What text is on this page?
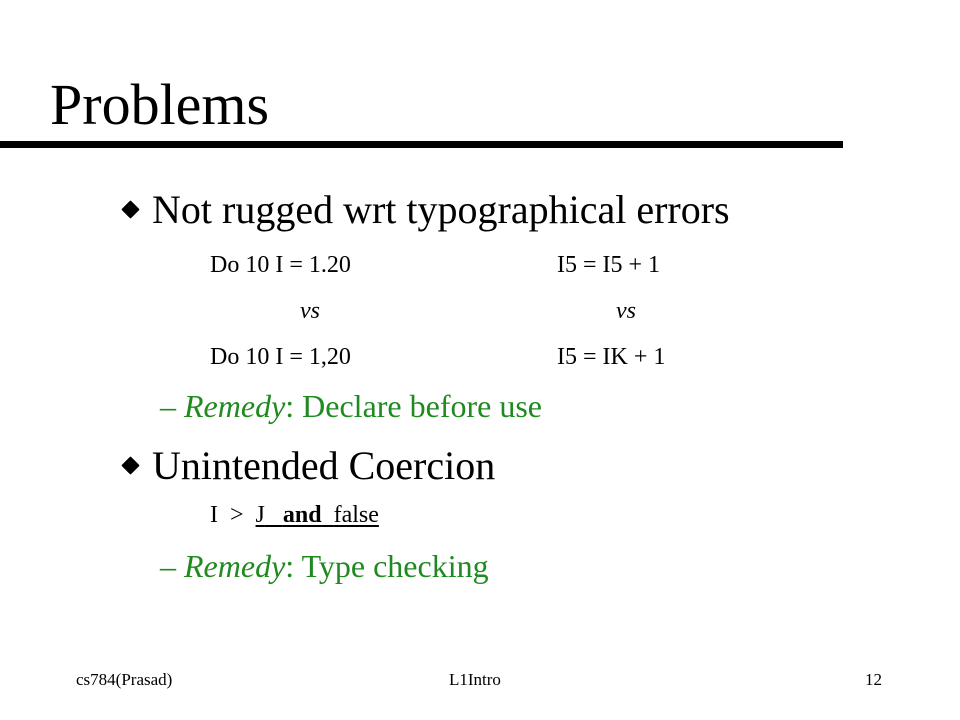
Problems
Not rugged wrt typographical errors
Do 10 I = 1.20	I5 = I5 + 1
vs	vs
Do 10 I = 1,20	I5 = IK + 1
– Remedy: Declare before use
Unintended Coercion
I > J and false
– Remedy: Type checking
cs784(Prasad)	L1Intro	12
